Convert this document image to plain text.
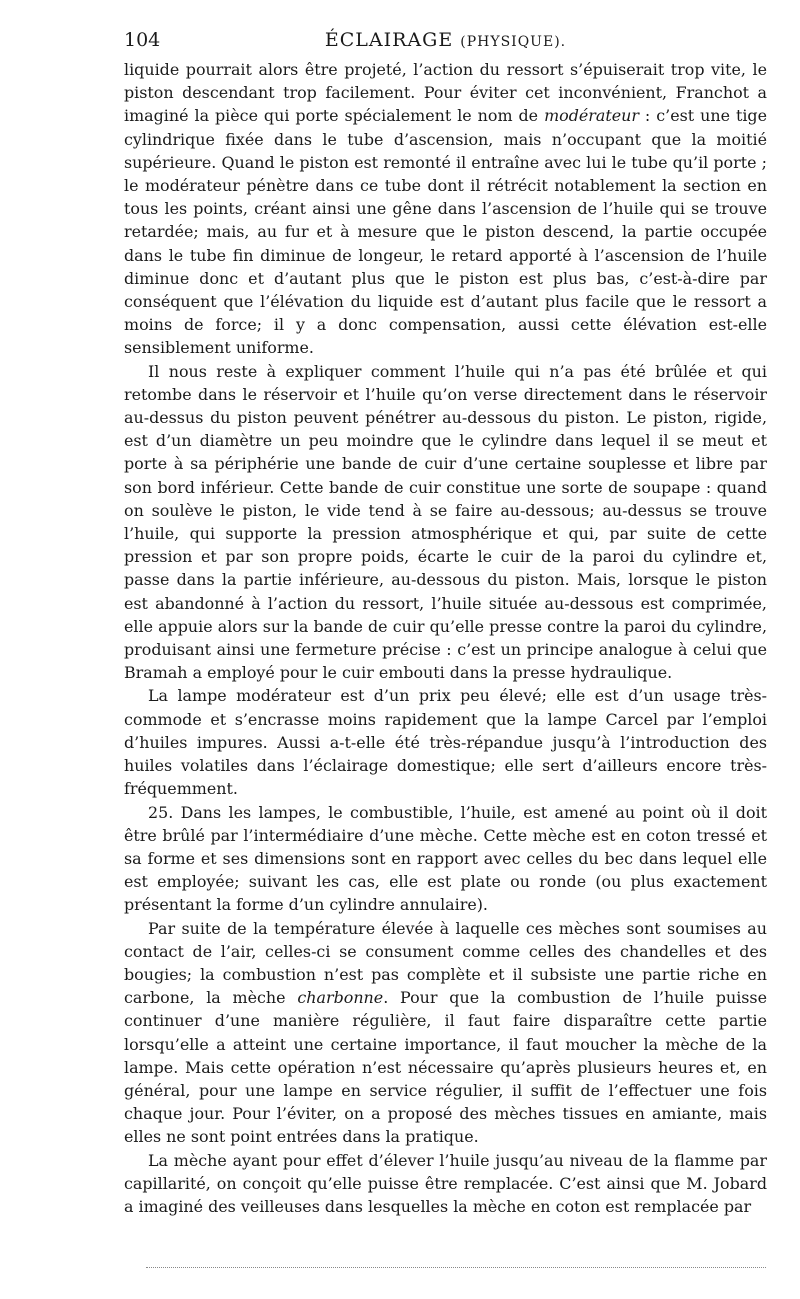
104	ÉCLAIRAGE (PHYSIQUE).

liquide pourrait alors être projeté, l’action du ressort s’épuiserait trop vite, le piston descendant trop facilement. Pour éviter cet inconvénient, Franchot a imaginé la pièce qui porte spécialement le nom de modérateur : c’est une tige cylindrique fixée dans le tube d’ascension, mais n’occupant que la moitié supérieure. Quand le piston est remonté il entraîne avec lui le tube qu’il porte ; le modérateur pénètre dans ce tube dont il rétrécit notablement la section en tous les points, créant ainsi une gêne dans l’ascension de l’huile qui se trouve retardée; mais, au fur et à mesure que le piston descend, la partie occupée dans le tube fin diminue de longeur, le retard apporté à l’ascension de l’huile diminue donc et d’autant plus que le piston est plus bas, c’est-à-dire par conséquent que l’élévation du liquide est d’autant plus facile que le ressort a moins de force; il y a donc compensation, aussi cette élévation est-elle sensiblement uniforme.

Il nous reste à expliquer comment l’huile qui n’a pas été brûlée et qui retombe dans le réservoir et l’huile qu’on verse directement dans le réservoir au-dessus du piston peuvent pénétrer au-dessous du piston. Le piston, rigide, est d’un diamètre un peu moindre que le cylindre dans lequel il se meut et porte à sa périphérie une bande de cuir d’une certaine souplesse et libre par son bord inférieur. Cette bande de cuir constitue une sorte de soupape : quand on soulève le piston, le vide tend à se faire au-dessous; au-dessus se trouve l’huile, qui supporte la pression atmosphérique et qui, par suite de cette pression et par son propre poids, écarte le cuir de la paroi du cylindre et, passe dans la partie inférieure, au-dessous du piston. Mais, lorsque le piston est abandonné à l’action du ressort, l’huile située au-dessous est comprimée, elle appuie alors sur la bande de cuir qu’elle presse contre la paroi du cylindre, produisant ainsi une fermeture précise : c’est un principe analogue à celui que Bramah a employé pour le cuir embouti dans la presse hydraulique.

La lampe modérateur est d’un prix peu élevé; elle est d’un usage très-commode et s’encrasse moins rapidement que la lampe Carcel par l’emploi d’huiles impures. Aussi a-t-elle été très-répandue jusqu’à l’introduction des huiles volatiles dans l’éclairage domestique; elle sert d’ailleurs encore très-fréquemment.

25. Dans les lampes, le combustible, l’huile, est amené au point où il doit être brûlé par l’intermédiaire d’une mèche. Cette mèche est en coton tressé et sa forme et ses dimensions sont en rapport avec celles du bec dans lequel elle est employée; suivant les cas, elle est plate ou ronde (ou plus exactement présentant la forme d’un cylindre annulaire).

Par suite de la température élevée à laquelle ces mèches sont soumises au contact de l’air, celles-ci se consument comme celles des chandelles et des bougies; la combustion n’est pas complète et il subsiste une partie riche en carbone, la mèche charbonne. Pour que la combustion de l’huile puisse continuer d’une manière régulière, il faut faire disparaître cette partie lorsqu’elle a atteint une certaine importance, il faut moucher la mèche de la lampe. Mais cette opération n’est nécessaire qu’après plusieurs heures et, en général, pour une lampe en service régulier, il suffit de l’effectuer une fois chaque jour. Pour l’éviter, on a proposé des mèches tissues en amiante, mais elles ne sont point entrées dans la pratique.

La mèche ayant pour effet d’élever l’huile jusqu’au niveau de la flamme par capillarité, on conçoit qu’elle puisse être remplacée. C’est ainsi que M. Jobard a imaginé des veilleuses dans lesquelles la mèche en coton est remplacée par
